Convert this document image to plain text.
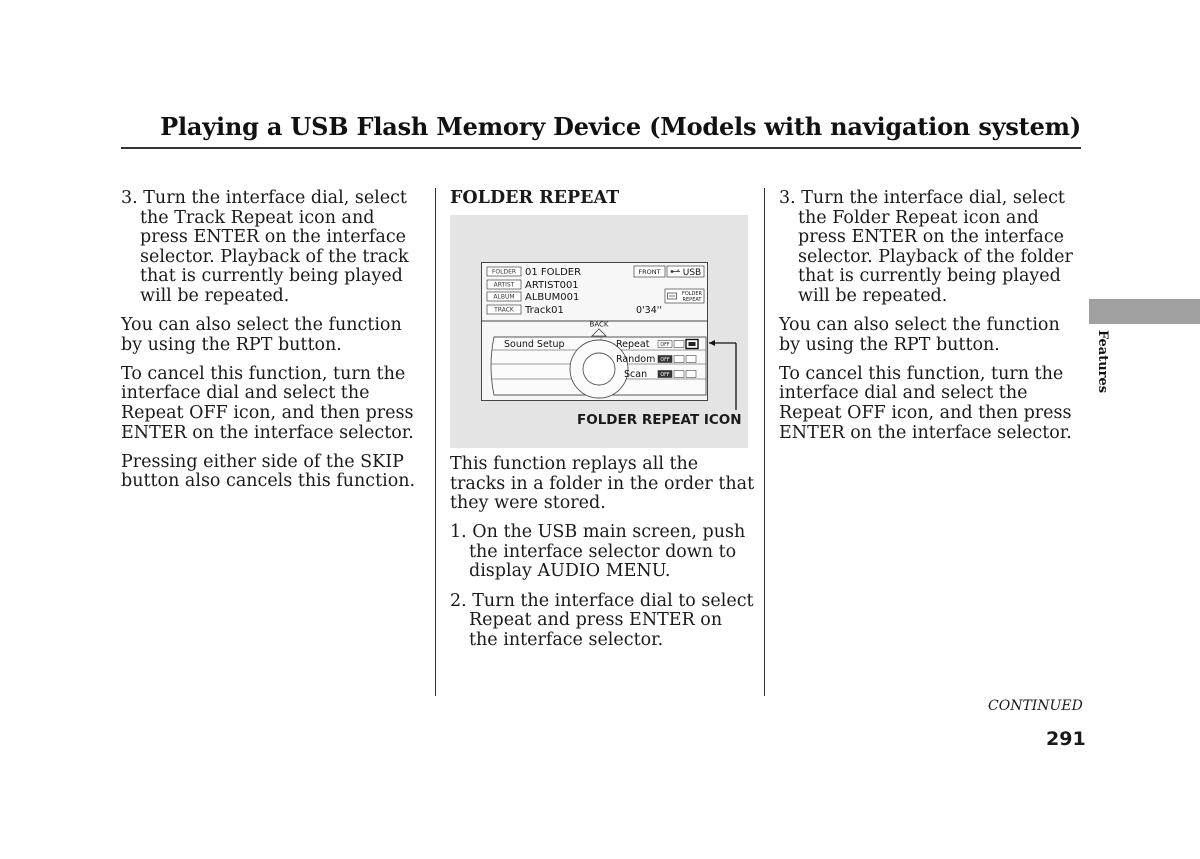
Playing a USB Flash Memory Device (Models with navigation system)

3. Turn the interface dial, select the Track Repeat icon and press ENTER on the interface selector. Playback of the track that is currently being played will be repeated.

You can also select the function by using the RPT button.

To cancel this function, turn the interface dial and select the Repeat OFF icon, and then press ENTER on the interface selector.

Pressing either side of the SKIP button also cancels this function.

FOLDER REPEAT

FOLDER
ARTIST
ALBUM
TRACK
01 FOLDER
ARTIST001
ALBUM001
Track01	0'34''
FRONT USB
FOLDER
REPEAT
BACK
Sound Setup	Repeat
Random
Scan
OFF
OFF
OFF
FOLDER REPEAT ICON

This function replays all the tracks in a folder in the order that they were stored.

1. On the USB main screen, push the interface selector down to display AUDIO MENU.

2. Turn the interface dial to select Repeat and press ENTER on the interface selector.

3. Turn the interface dial, select the Folder Repeat icon and press ENTER on the interface selector. Playback of the folder that is currently being played will be repeated.

You can also select the function by using the RPT button.

To cancel this function, turn the interface dial and select the Repeat OFF icon, and then press ENTER on the interface selector.

Features
CONTINUED
291
